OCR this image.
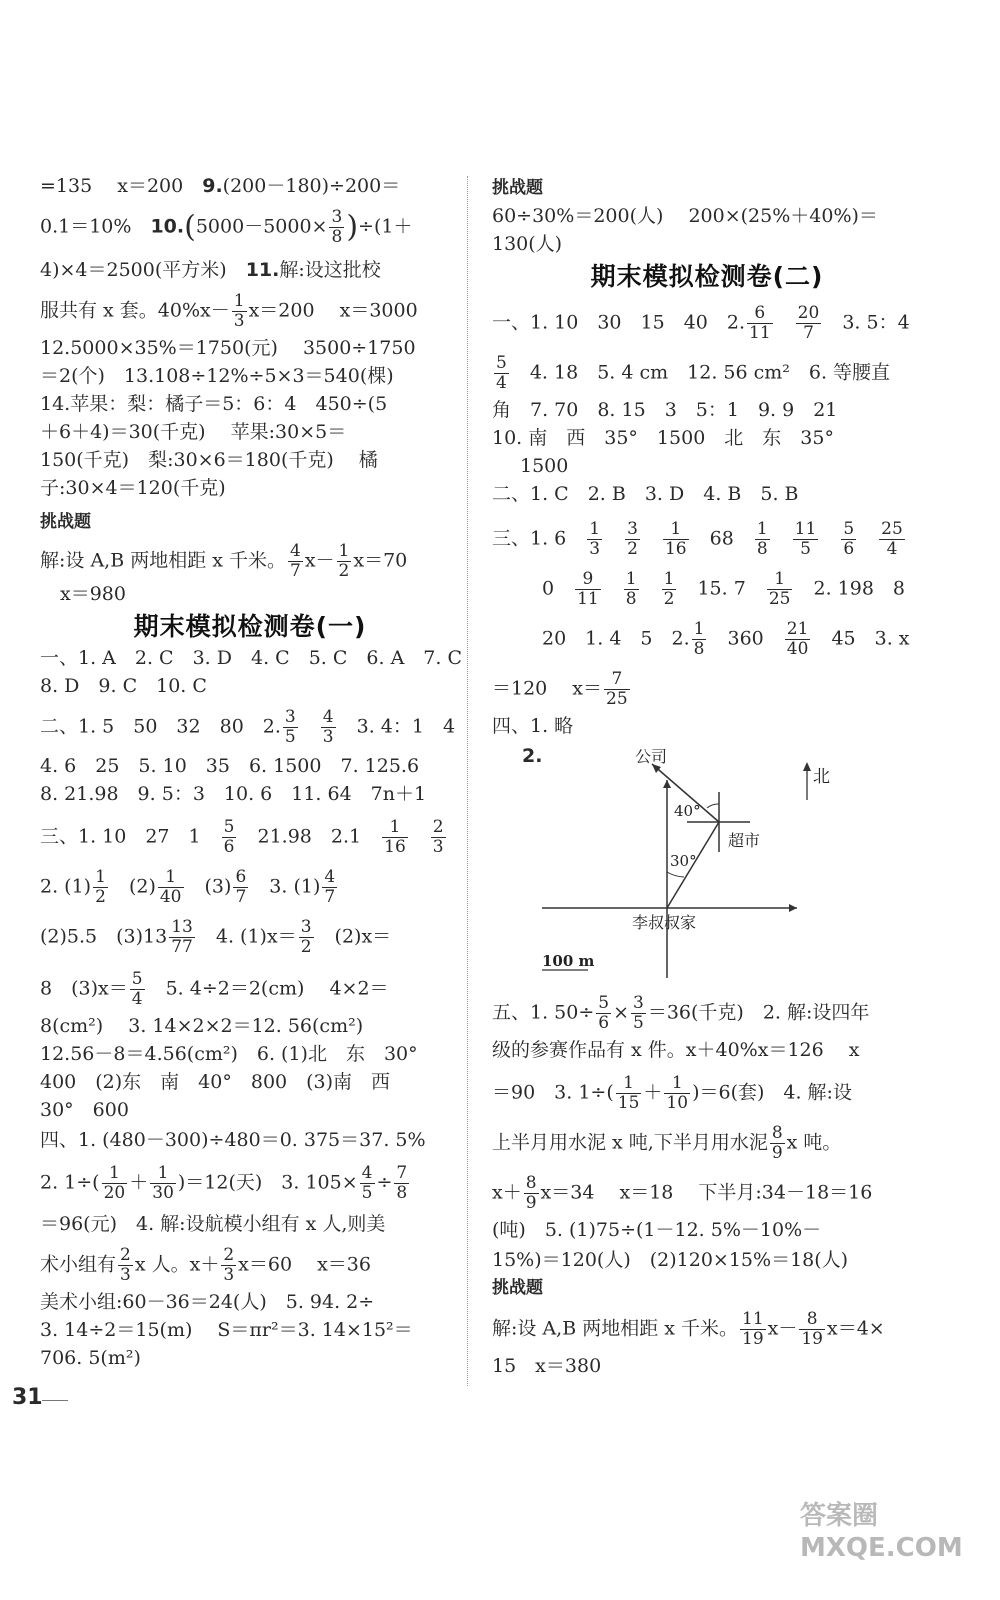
=135　 x＝200　9.(200－180)÷200＝
0.1＝10%　$10.(5000-5000\times \frac{3}{8} )\div(1+$
4)×4＝2500(平方米)　11.解:设这批校
服共有 x 套。$40\%x- \frac{1}{3} x=200$　 x＝3000
12.5000×35%＝1750(元)　 3500÷1750
＝2(个)　13.108÷12%÷5×3＝540(棵)
14.苹果：梨：橘子＝5：6：4　450÷(5
＋6＋4)＝30(千克)　 苹果:30×5＝
150(千克)　梨:30×6＝180(千克)　 橘
子:30×4＝120(千克)
挑战题
解:设 A,B 两地相距 x 千米。 $\frac{4}{7} x- \frac{1}{2} x=70$
x＝980
期末模拟检测卷(一)
一、1. A　2. C　3. D　4. C　5. C　6. A　7. C
8. D　9. C　10. C
二、1. 5　50　32　80　2. $\frac{3}{5}$
　 $\frac{4}{3}$
　 3. 4：1　4
4. 6　25　5. 10　35　6. 1500　7. 125.6
8. 21.98　9. 5：3　10. 6　11. 64　7n＋1
三、1. 10　27　1　 $\frac{5}{6}$
　 21.98　2.1　 $\frac{1}{16}$
　 $\frac{2}{3}$
2. $(1) \frac{1}{2}$
　 $(2) \frac{1}{40}$
　 $(3) \frac{6}{7}$
　 3. $(1) \frac{4}{7}$
(2)5.5　$(3)13 \frac{13}{77}$
　 4. $(1)x= \frac{3}{2}$
　 (2)x＝
8　$(3)x= \frac{5}{4}$
　 5. 4÷2＝2(cm)　 4×2＝
8(cm²)　 3. 14×2×2＝12. 56(cm²)
12.56－8＝4.56(cm²)　6. (1)北　东　30°
400　(2)东　南　40°　800　(3)南　西
30°　600
四、1. (480－300)÷480＝0. 375＝37. 5%
2. $1\div( \frac{1}{20} + \frac{1}{30} )=12$(天)　3. $105\times \frac{4}{5} \div \frac{7}{8}$
＝96(元)　4. 解:设航模小组有 x 人,则美
术小组有 $\frac{2}{3}$ x 人。$x+ \frac{2}{3} x=60$　 x＝36
美术小组:60－36＝24(人)　5. 94. 2÷
3. 14÷2＝15(m)　 S＝πr²＝3. 14×15²＝
706. 5(m²)
挑战题
60÷30%＝200(人)　 200×(25%＋40%)＝
130(人)
期末模拟检测卷(二)
一、1. 10　30　15　40　2. $\frac{6}{11}$
　 $\frac{20}{7}$
　 3. 5：4
$\frac{5}{4}$
　 4. 18　5. 4 cm　12. 56 cm²　6. 等腰直
角　7. 70　8. 15　3　5：1　9. 9　21
10. 南　西　35°　1500　北　东　35°
1500
二、1. C　2. B　3. D　4. B　5. B
三、1. 6　 $\frac{1}{3}$
　 $\frac{3}{2}$
　 $\frac{1}{16}$
　 68　 $\frac{1}{8}$
　 $\frac{11}{5}$
　 $\frac{5}{6}$
　 $\frac{25}{4}$
0　 $\frac{9}{11}$
　 $\frac{1}{8}$
　 $\frac{1}{2}$
　 15. 7　 $\frac{1}{25}$
　 2. 198　8
20　1. 4　5　2. $\frac{1}{8}$
　 360　 $\frac{21}{40}$
　 45　3. x
＝120　 $x= \frac{7}{25}$
四、1. 略
2.	公司
北
超市
李叔叔家
40°
30°
100 m
五、1. $50\div \frac{5}{6} \times \frac{3}{5} =36$(千克)　2. 解:设四年
级的参赛作品有 x 件。x＋40%x＝126　 x
＝90　3. $1\div( \frac{1}{15} + \frac{1}{10} )=6$(套)　4. 解:设
上半月用水泥 x 吨,下半月用水泥 $\frac{8}{9}$ x 吨。
$x+ \frac{8}{9} x=34$　 x＝18　 下半月:34－18＝16
(吨)　5. (1)75÷(1－12. 5%－10%－
15%)＝120(人)　(2)120×15%＝18(人)
挑战题
解:设 A,B 两地相距 x 千米。 $\frac{11}{19} x- \frac{8}{19} x=4\times$
15　x＝380
31
答案圈
MXQE.COM
